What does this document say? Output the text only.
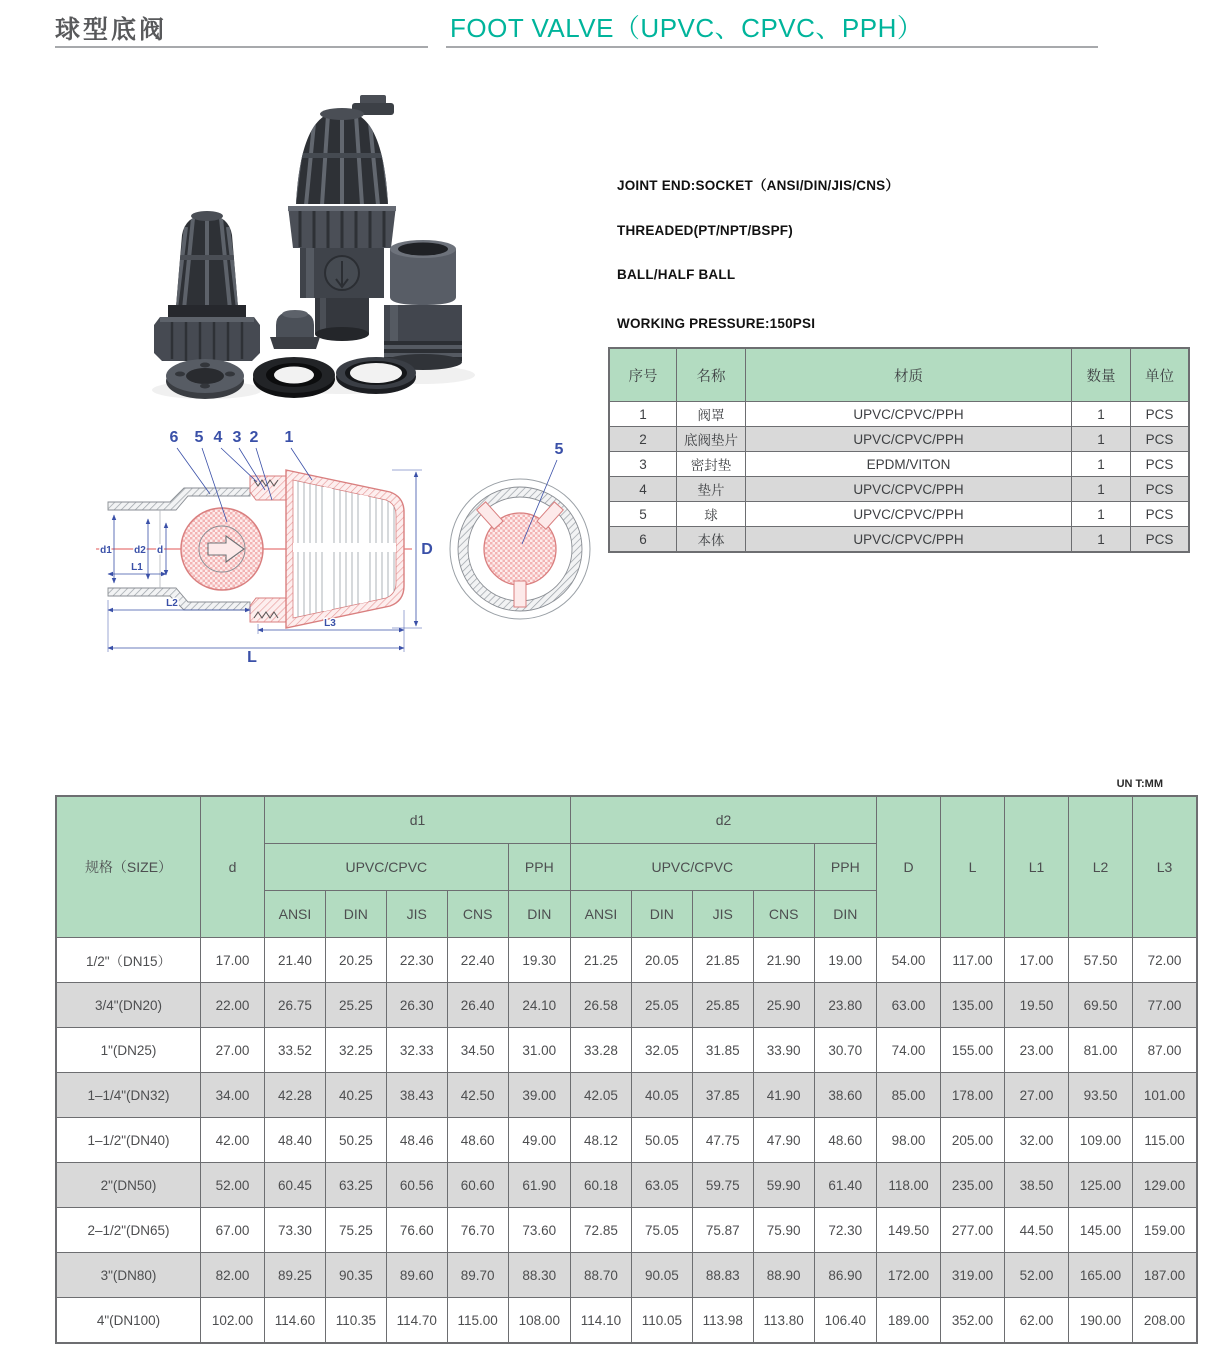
球型底阀	FOOT VALVE（UPVC、CPVC、PPH）
6 5 4 3 2 1
d1 d2 d
L1
L2
L3
L
D
5

JOINT END:SOCKET（ANSI/DIN/JIS/CNS）

THREADED(PT/NPT/BSPF)

BALL/HALF BALL

WORKING PRESSURE:150PSI

序号	名称	材质	数量	单位
1	阀罩	UPVC/CPVC/PPH	1	PCS
2	底阀垫片	UPVC/CPVC/PPH	1	PCS
3	密封垫	EPDM/VITON	1	PCS
4	垫片	UPVC/CPVC/PPH	1	PCS
5	球	UPVC/CPVC/PPH	1	PCS
6	本体	UPVC/CPVC/PPH	1	PCS
UN T:MM
规格（SIZE）	d	d1					d2					D	L	L1	L2	L3
		UPVC/CPVC				PPH	UPVC/CPVC				PPH					
		ANSI	DIN	JIS	CNS	DIN	ANSI	DIN	JIS	CNS	DIN					
1/2"（DN15）	17.00	21.40	20.25	22.30	22.40	19.30	21.25	20.05	21.85	21.90	19.00	54.00	117.00	17.00	57.50	72.00
3/4"(DN20)	22.00	26.75	25.25	26.30	26.40	24.10	26.58	25.05	25.85	25.90	23.80	63.00	135.00	19.50	69.50	77.00
1"(DN25)	27.00	33.52	32.25	32.33	34.50	31.00	33.28	32.05	31.85	33.90	30.70	74.00	155.00	23.00	81.00	87.00
1–1/4"(DN32)	34.00	42.28	40.25	38.43	42.50	39.00	42.05	40.05	37.85	41.90	38.60	85.00	178.00	27.00	93.50	101.00
1–1/2"(DN40)	42.00	48.40	50.25	48.46	48.60	49.00	48.12	50.05	47.75	47.90	48.60	98.00	205.00	32.00	109.00	115.00
2"(DN50)	52.00	60.45	63.25	60.56	60.60	61.90	60.18	63.05	59.75	59.90	61.40	118.00	235.00	38.50	125.00	129.00
2–1/2"(DN65)	67.00	73.30	75.25	76.60	76.70	73.60	72.85	75.05	75.87	75.90	72.30	149.50	277.00	44.50	145.00	159.00
3"(DN80)	82.00	89.25	90.35	89.60	89.70	88.30	88.70	90.05	88.83	88.90	86.90	172.00	319.00	52.00	165.00	187.00
4"(DN100)	102.00	114.60	110.35	114.70	115.00	108.00	114.10	110.05	113.98	113.80	106.40	189.00	352.00	62.00	190.00	208.00
